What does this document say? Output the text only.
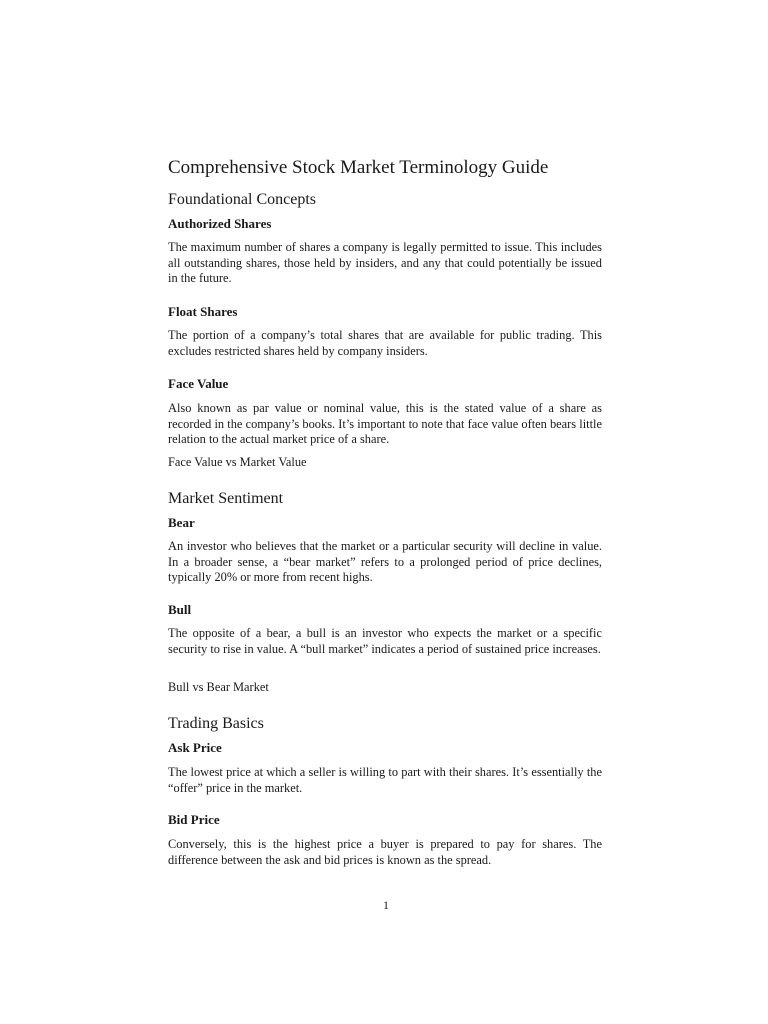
Comprehensive Stock Market Terminology Guide
Foundational Concepts
Authorized Shares

The maximum number of shares a company is legally permitted to issue. This includes all outstanding shares, those held by insiders, and any that could potentially be issued in the future.

Float Shares

The portion of a company’s total shares that are available for public trading. This excludes restricted shares held by company insiders.

Face Value

Also known as par value or nominal value, this is the stated value of a share as recorded in the company’s books. It’s important to note that face value often bears little relation to the actual market price of a share.

Face Value vs Market Value

Market Sentiment
Bear

An investor who believes that the market or a particular security will decline in value. In a broader sense, a “bear market” refers to a prolonged period of price declines, typically 20% or more from recent highs.

Bull

The opposite of a bear, a bull is an investor who expects the market or a specific security to rise in value. A “bull market” indicates a period of sustained price increases.

Bull vs Bear Market

Trading Basics
Ask Price

The lowest price at which a seller is willing to part with their shares. It’s essentially the “offer” price in the market.

Bid Price

Conversely, this is the highest price a buyer is prepared to pay for shares. The difference between the ask and bid prices is known as the spread.

1
